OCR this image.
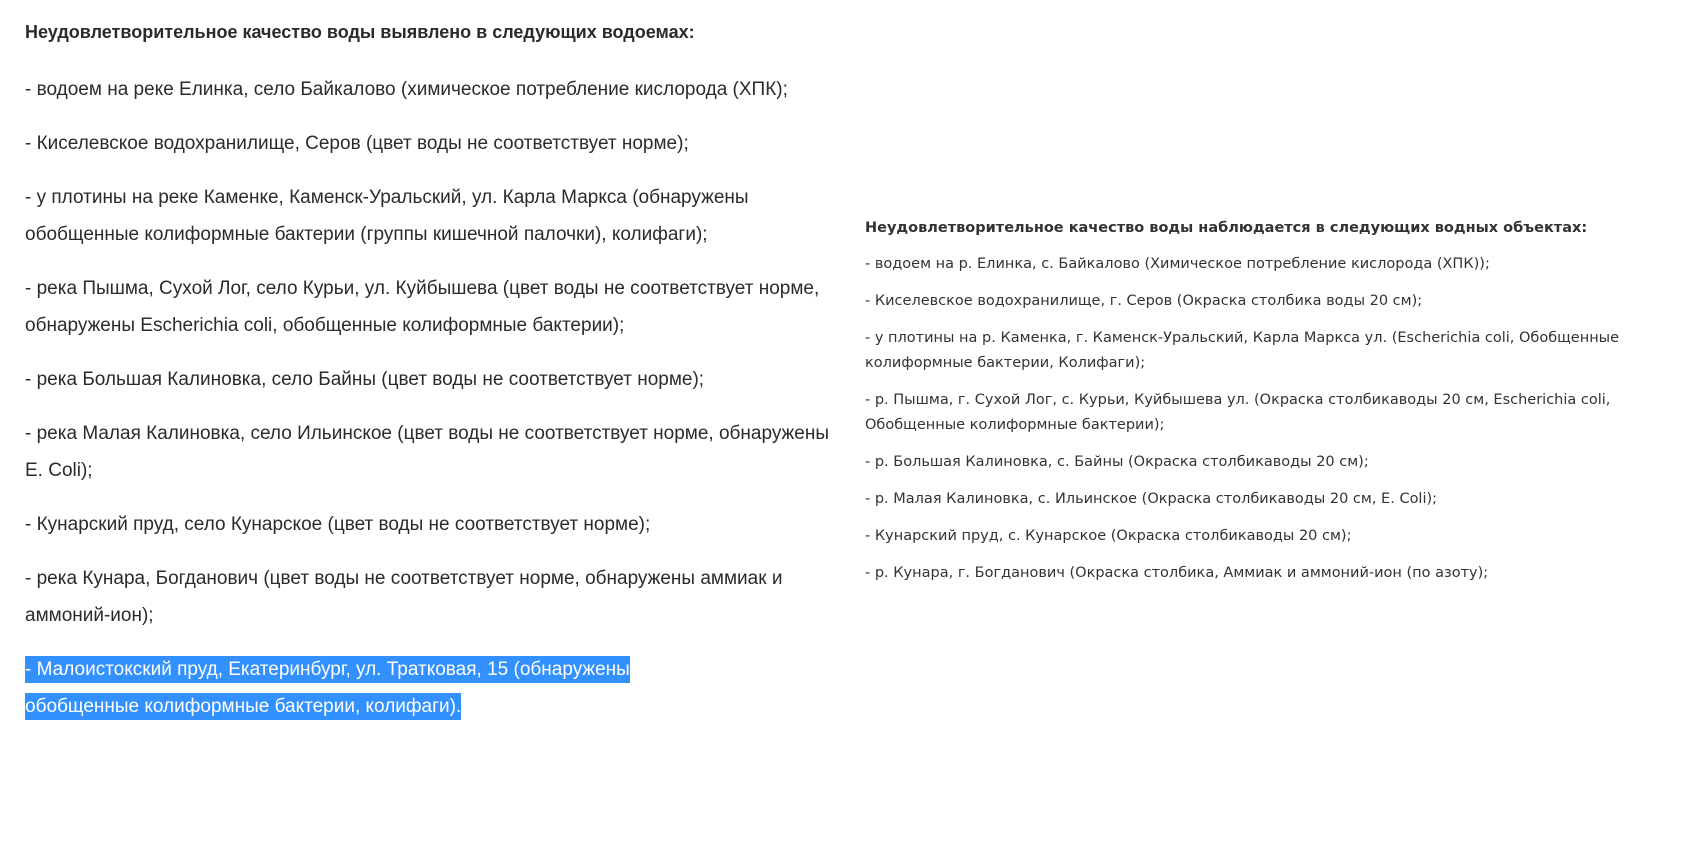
Неудовлетворительное качество воды выявлено в следующих водоемах:

- водоем на реке Елинка, село Байкалово (химическое потребление кислорода (ХПК);

- Киселевское водохранилище, Серов (цвет воды не соответствует норме);

- у плотины на реке Каменке, Каменск-Уральский, ул. Карла Маркса (обнаружены обобщенные колиформные бактерии (группы кишечной палочки), колифаги);

- река Пышма, Сухой Лог, село Курьи, ул. Куйбышева (цвет воды не соответствует норме, обнаружены Escherichia coli, обобщенные колиформные бактерии);

- река Большая Калиновка, село Байны (цвет воды не соответствует норме);

- река Малая Калиновка, село Ильинское (цвет воды не соответствует норме, обнаружены E. Coli);

- Кунарский пруд, село Кунарское (цвет воды не соответствует норме);

- река Кунара, Богданович (цвет воды не соответствует норме, обнаружены аммиак и аммоний-ион);

- Малоистокский пруд, Екатеринбург, ул. Тратковая, 15 (обнаружены обобщенные колиформные бактерии, колифаги).

Неудовлетворительное качество воды наблюдается в следующих водных объектах:

- водоем на р. Елинка, с. Байкалово (Химическое потребление кислорода (ХПК));

- Киселевское водохранилище, г. Серов (Окраска столбика воды 20 см);

- у плотины на р. Каменка, г. Каменск-Уральский, Карла Маркса ул. (Escherichia coli, Обобщенные колиформные бактерии, Колифаги);

- р. Пышма, г. Сухой Лог, с. Курьи, Куйбышева ул. (Окраска столбикаводы 20 см, Escherichia coli, Обобщенные колиформные бактерии);

- р. Большая Калиновка, с. Байны (Окраска столбикаводы 20 см);

- р. Малая Калиновка, с. Ильинское (Окраска столбикаводы 20 см, E. Coli);

- Кунарский пруд, с. Кунарское (Окраска столбикаводы 20 см);

- р. Кунара, г. Богданович (Окраска столбика, Аммиак и аммоний-ион (по азоту);
